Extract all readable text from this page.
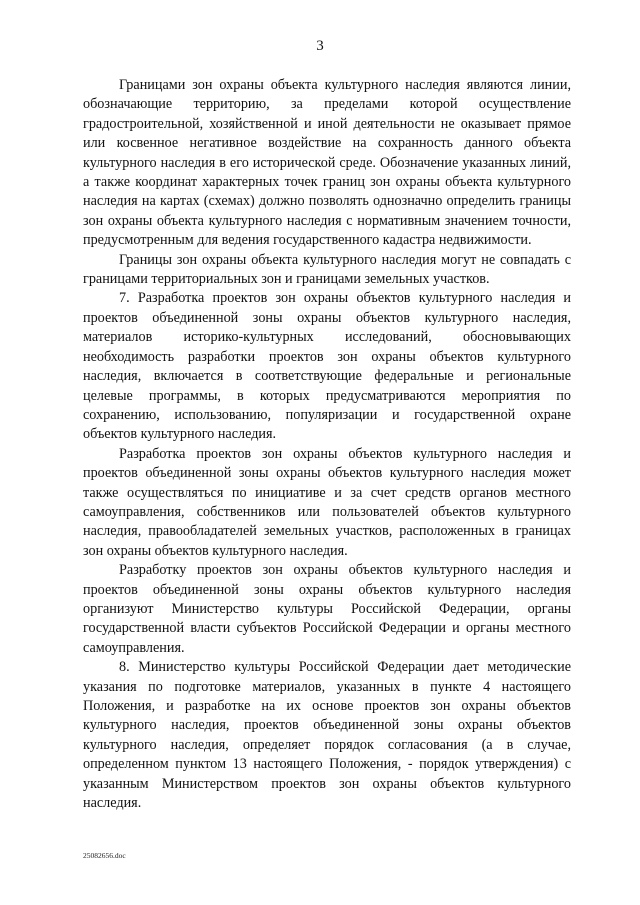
3

Границами зон охраны объекта культурного наследия являются линии, обозначающие территорию, за пределами которой осуществление градостроительной, хозяйственной и иной деятельности не оказывает прямое или косвенное негативное воздействие на сохранность данного объекта культурного наследия в его исторической среде. Обозначение указанных линий, а также координат характерных точек границ зон охраны объекта культурного наследия на картах (схемах) должно позволять однозначно определить границы зон охраны объекта культурного наследия с нормативным значением точности, предусмотренным для ведения государственного кадастра недвижимости.

Границы зон охраны объекта культурного наследия могут не совпадать с границами территориальных зон и границами земельных участков.

7. Разработка проектов зон охраны объектов культурного наследия и проектов объединенной зоны охраны объектов культурного наследия, материалов историко-культурных исследований, обосновывающих необходимость разработки проектов зон охраны объектов культурного наследия, включается в соответствующие федеральные и региональные целевые программы, в которых предусматриваются мероприятия по сохранению, использованию, популяризации и государственной охране объектов культурного наследия.

Разработка проектов зон охраны объектов культурного наследия и проектов объединенной зоны охраны объектов культурного наследия может также осуществляться по инициативе и за счет средств органов местного самоуправления, собственников или пользователей объектов культурного наследия, правообладателей земельных участков, расположенных в границах зон охраны объектов культурного наследия.

Разработку проектов зон охраны объектов культурного наследия и проектов объединенной зоны охраны объектов культурного наследия организуют Министерство культуры Российской Федерации, органы государственной власти субъектов Российской Федерации и органы местного самоуправления.

8. Министерство культуры Российской Федерации дает методические указания по подготовке материалов, указанных в пункте 4 настоящего Положения, и разработке на их основе проектов зон охраны объектов культурного наследия, проектов объединенной зоны охраны объектов культурного наследия, определяет порядок согласования (а в случае, определенном пунктом 13 настоящего Положения, - порядок утверждения) с указанным Министерством проектов зон охраны объектов культурного наследия.

25082656.doc
